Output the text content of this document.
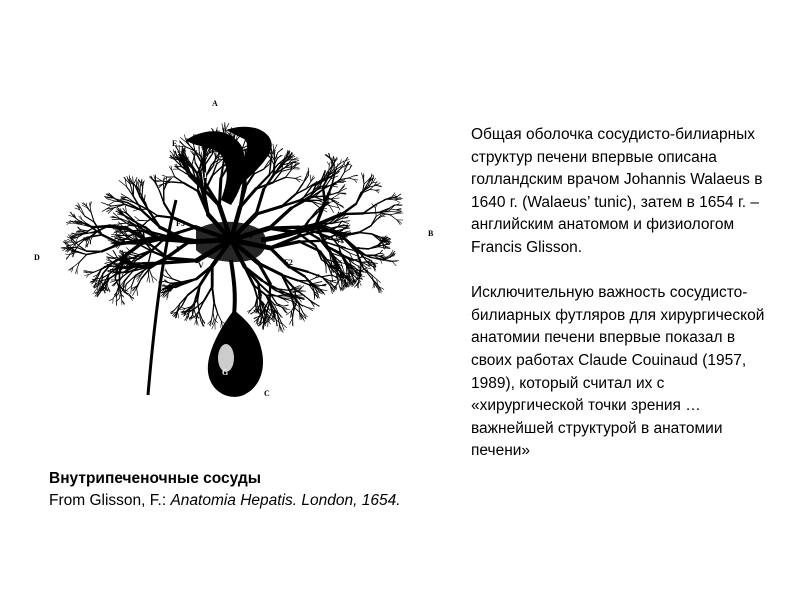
A
B
C
D
E
L
G
F
V
F1
F2
F3
F4
Внутрипеченочные сосуды
From Glisson, F.: Anatomia Hepatis. London, 1654.

Общая оболочка сосудисто-билиарных структур печени впервые описана голландским врачом Johannis Walaeus в 1640 г. (Walaeus’ tunic), затем в 1654 г. – английским анатомом и физиологом Francis Glisson.

Исключительную важность сосудисто-билиарных футляров для хирургической анатомии печени впервые показал в своих работах Claude Couinaud (1957, 1989), который считал их с «хирургической точки зрения … важнейшей структурой в анатомии печени»
